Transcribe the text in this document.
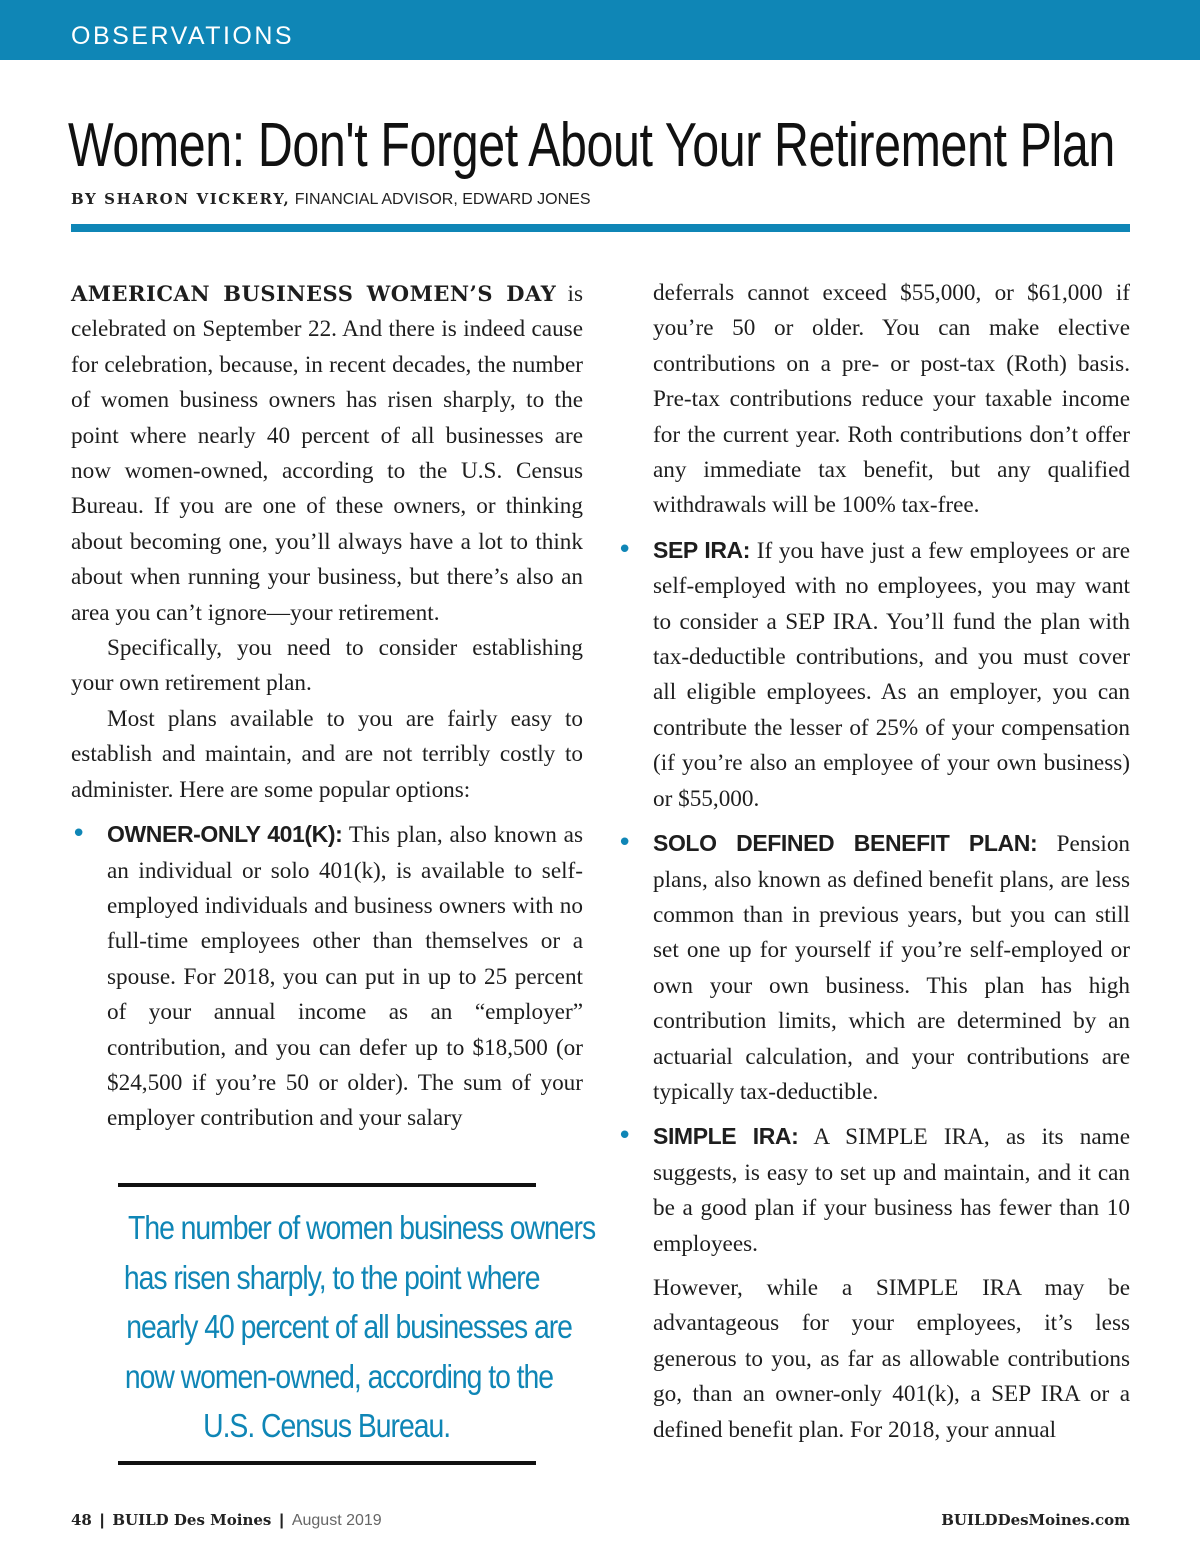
OBSERVATIONS
Women: Don't Forget About Your Retirement Plan
BY SHARON VICKERY, FINANCIAL ADVISOR, EDWARD JONES

AMERICAN BUSINESS WOMEN’S DAY is celebrated on September 22. And there is indeed cause for celebration, because, in recent decades, the number of women business owners has risen sharply, to the point where nearly 40 percent of all businesses are now women-owned, according to the U.S. Census Bureau. If you are one of these owners, or thinking about becoming one, you’ll always have a lot to think about when running your business, but there’s also an area you can’t ignore—your retirement.

Specifically, you need to consider establishing your own retirement plan.

Most plans available to you are fairly easy to establish and maintain, and are not terribly costly to administer. Here are some popular options:

• OWNER-ONLY 401(K): This plan, also known as an individual or solo 401(k), is available to self-employed individuals and business owners with no full-time employees other than themselves or a spouse. For 2018, you can put in up to 25 percent of your annual income as an “employer” contribution, and you can defer up to $18,500 (or $24,500 if you’re 50 or older). The sum of your employer contribution and your salary
The number of women business owners
has risen sharply, to the point where
nearly 40 percent of all businesses are
now women-owned, according to the
U.S. Census Bureau.

deferrals cannot exceed $55,000, or $61,000 if you’re 50 or older. You can make elective contributions on a pre- or post-tax (Roth) basis. Pre-tax contributions reduce your taxable income for the current year. Roth contributions don’t offer any immediate tax benefit, but any qualified withdrawals will be 100% tax-free.

• SEP IRA: If you have just a few employees or are self-employed with no employees, you may want to consider a SEP IRA. You’ll fund the plan with tax-deductible contributions, and you must cover all eligible employees. As an employer, you can contribute the lesser of 25% of your compensation (if you’re also an employee of your own business) or $55,000.
• SOLO DEFINED BENEFIT PLAN: Pension plans, also known as defined benefit plans, are less common than in previous years, but you can still set one up for yourself if you’re self-employed or own your own business. This plan has high contribution limits, which are determined by an actuarial calculation, and your contributions are typically tax-deductible.
• SIMPLE IRA: A SIMPLE IRA, as its name suggests, is easy to set up and maintain, and it can be a good plan if your business has fewer than 10 employees.

However, while a SIMPLE IRA may be advantageous for your employees, it’s less generous to you, as far as allowable contributions go, than an owner-only 401(k), a SEP IRA or a defined benefit plan. For 2018, your annual

48 | BUILD Des Moines | August 2019	BUILDDesMoines.com
